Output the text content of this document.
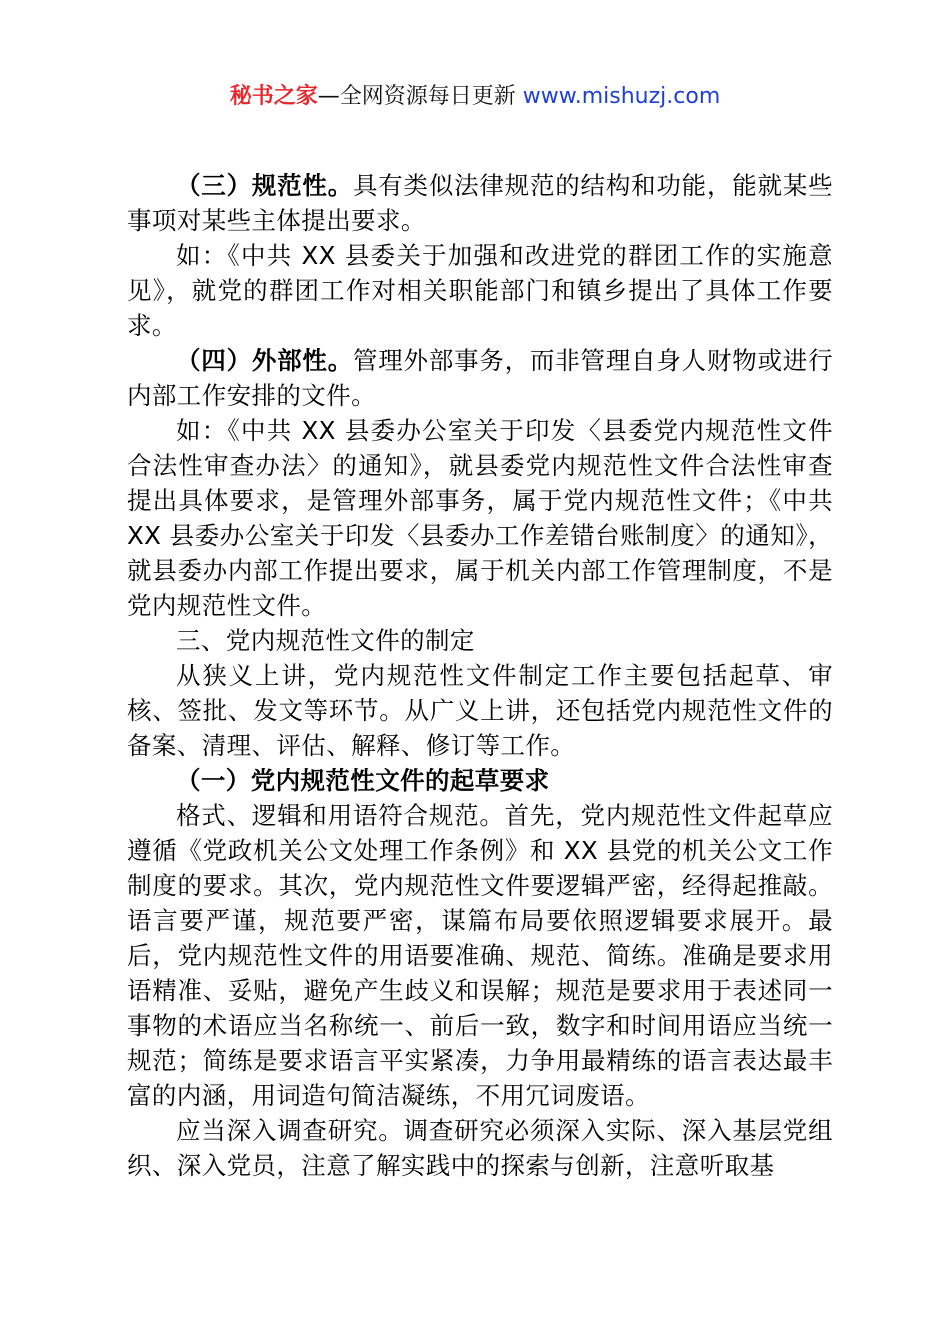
秘书之家—全网资源每日更新 www.mishuzj.com

（三）规范性。具有类似法律规范的结构和功能，能就某些事项对某些主体提出要求。

如：《中共 XX 县委关于加强和改进党的群团工作的实施意见》，就党的群团工作对相关职能部门和镇乡提出了具体工作要求。

（四）外部性。管理外部事务，而非管理自身人财物或进行内部工作安排的文件。

如：《中共 XX 县委办公室关于印发〈县委党内规范性文件合法性审查办法〉的通知》，就县委党内规范性文件合法性审查提出具体要求，是管理外部事务，属于党内规范性文件；《中共 XX 县委办公室关于印发〈县委办工作差错台账制度〉的通知》，就县委办内部工作提出要求，属于机关内部工作管理制度，不是党内规范性文件。

三、党内规范性文件的制定

从狭义上讲，党内规范性文件制定工作主要包括起草、审核、签批、发文等环节。从广义上讲，还包括党内规范性文件的备案、清理、评估、解释、修订等工作。

（一）党内规范性文件的起草要求

格式、逻辑和用语符合规范。首先，党内规范性文件起草应遵循《党政机关公文处理工作条例》和 XX 县党的机关公文工作制度的要求。其次，党内规范性文件要逻辑严密，经得起推敲。语言要严谨，规范要严密，谋篇布局要依照逻辑要求展开。最后，党内规范性文件的用语要准确、规范、简练。准确是要求用语精准、妥贴，避免产生歧义和误解；规范是要求用于表述同一事物的术语应当名称统一、前后一致，数字和时间用语应当统一规范；简练是要求语言平实紧凑，力争用最精练的语言表达最丰富的内涵，用词造句简洁凝练，不用冗词废语。

应当深入调查研究。调查研究必须深入实际、深入基层党组织、深入党员，注意了解实践中的探索与创新，注意听取基
